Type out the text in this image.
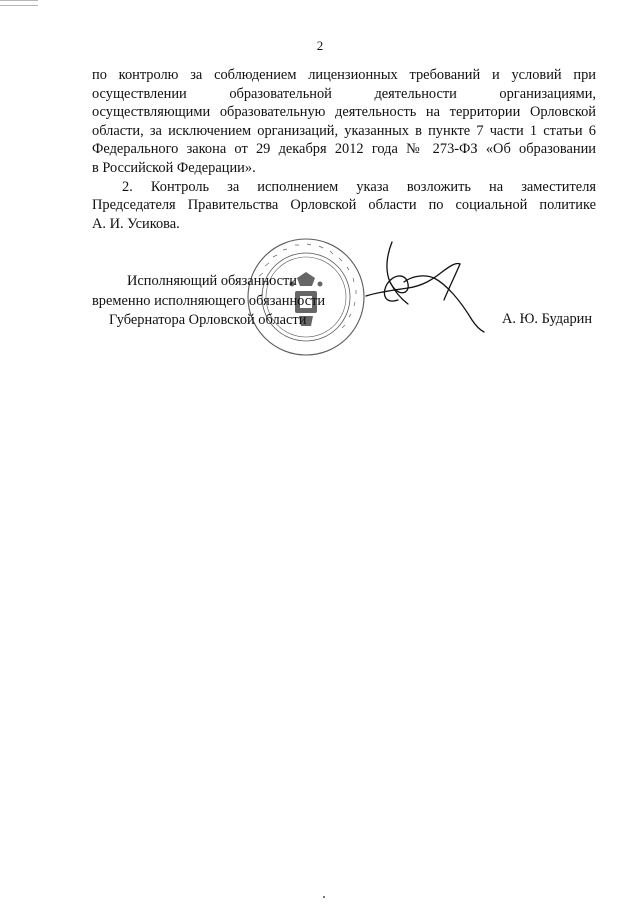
2
по контролю за соблюдением лицензионных требований и условий при
осуществлении образовательной деятельности организациями,
осуществляющими образовательную деятельность на территории Орловской
области, за исключением организаций, указанных в пункте 7 части 1 статьи 6
Федерального закона от 29 декабря 2012 года № 273-ФЗ «Об образовании
в Российской Федерации».
2. Контроль за исполнением указа возложить на заместителя
Председателя Правительства Орловской области по социальной политике
А. И. Усикова.
Исполняющий обязанности
временно исполняющего обязанности
Губернатора Орловской области	А. Ю. Бударин
